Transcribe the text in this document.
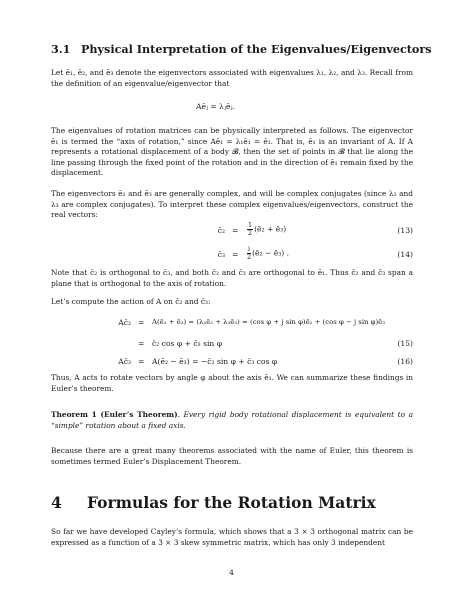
3.1 Physical Interpretation of the Eigenvalues/Eigenvectors

Let ē₁, ē₂, and ē₃ denote the eigenvectors associated with eigenvalues λ₁, λ₂, and λ₃. Recall from the definition of an eigenvalue/eigenvector that

Aēⱼ = λⱼēⱼ.

The eigenvalues of rotation matrices can be physically interpreted as follows. The eigenvector ē₁ is termed the “axis of rotation,” since Aē₁ = λ₁ē₁ = ē₁. That is, ē₁ is an invariant of A. If A represents a rotational displacement of a body 𝓑, then the set of points in 𝓑 that lie along the line passing through the fixed point of the rotation and in the direction of ē₁ remain fixed by the displacement.

The eigenvectors ē₂ and ē₃ are generally complex, and will be complex conjugates (since λ₂ and λ₃ are complex conjugates). To interpret these complex eigenvalues/eigenvectors, construct the real vectors:

c̄₂ = $\frac{1}{2}$ (ē₂ + ē₃)	(13)
c̄₃ = $\frac{i}{2}$ (ē₂ − ē₃) .	(14)

Note that c̄₂ is orthogonal to c̄₃, and both c̄₂ and c̄₃ are orthogonal to ē₁. Thus c̄₂ and c̄₃ span a plane that is orthogonal to the axis of rotation.

Let’s compute the action of A on c̄₂ and c̄₃:

Ac̄₂ = A(ē₂ + ē₃) = (λ₂ē₂ + λ₃ē₃) = (cos φ + j sin φ)ē₂ + (cos φ − j sin φ)ē₃
= c̄₂ cos φ + c̄₃ sin φ	(15)
Ac̄₃ = A(ē₂ − ē₃) = −c̄₂ sin φ + c̄₃ cos φ	(16)

Thus, A acts to rotate vectors by angle φ about the axis ē₁. We can summarize these findings in Euler’s theorem.

Theorem 1 (Euler’s Theorem). Every rigid body rotational displacement is equivalent to a “simple” rotation about a fixed axis.

Because there are a great many theorems associated with the name of Euler, this theorem is sometimes termed Euler’s Displacement Theorem.

4 Formulas for the Rotation Matrix

So far we have developed Cayley’s formula, which shows that a 3 × 3 orthogonal matrix can be expressed as a function of a 3 × 3 skew symmetric matrix, which has only 3 independent

4
